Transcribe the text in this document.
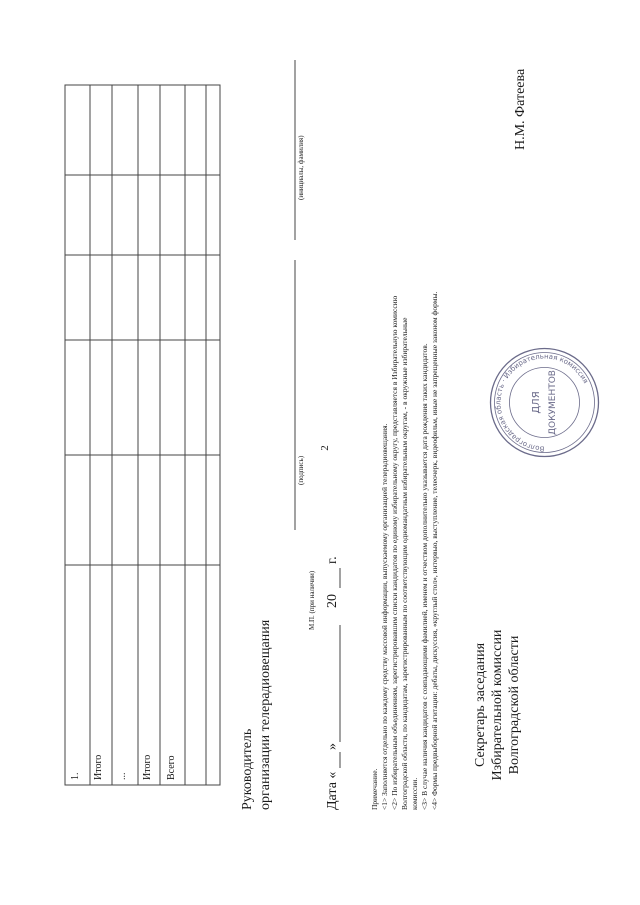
2
1. Итого ... Итого Всего	Руководитель организации телерадиовещания
М.П. (при наличии)
(подпись)
(инициалы, фамилия)
Дата «
»
20
г.
Примечание. <1> Заполняется отдельно по каждому средству массовой информации, выпускаемому организацией телерадиовещания. <2> По избирательным объединениям, зарегистрировавшим списки кандидатов по единому избирательному округу, представляется в Избирательную комиссию Волгоградской области, по кандидатам, зарегистрированным по соответствующим одномандатным избирательным округам, - в окружные избирательные комиссии. <3> В случае наличия кандидатов с совпадающими фамилией, именем и отчеством дополнительно указывается дата рождения таких кандидатов. <4> Формы предвыборной агитации: дебаты, дискуссия, «круглый стол», интервью, выступление, телеочерк, видеофильм, иные не запрещенные законом формы. Секретарь заседания Избирательной комиссии Волгоградской области
Н.М. Фатеева
Волгоградская область · Избирательная комиссия
ДЛЯ ДОКУМЕНТОВ
